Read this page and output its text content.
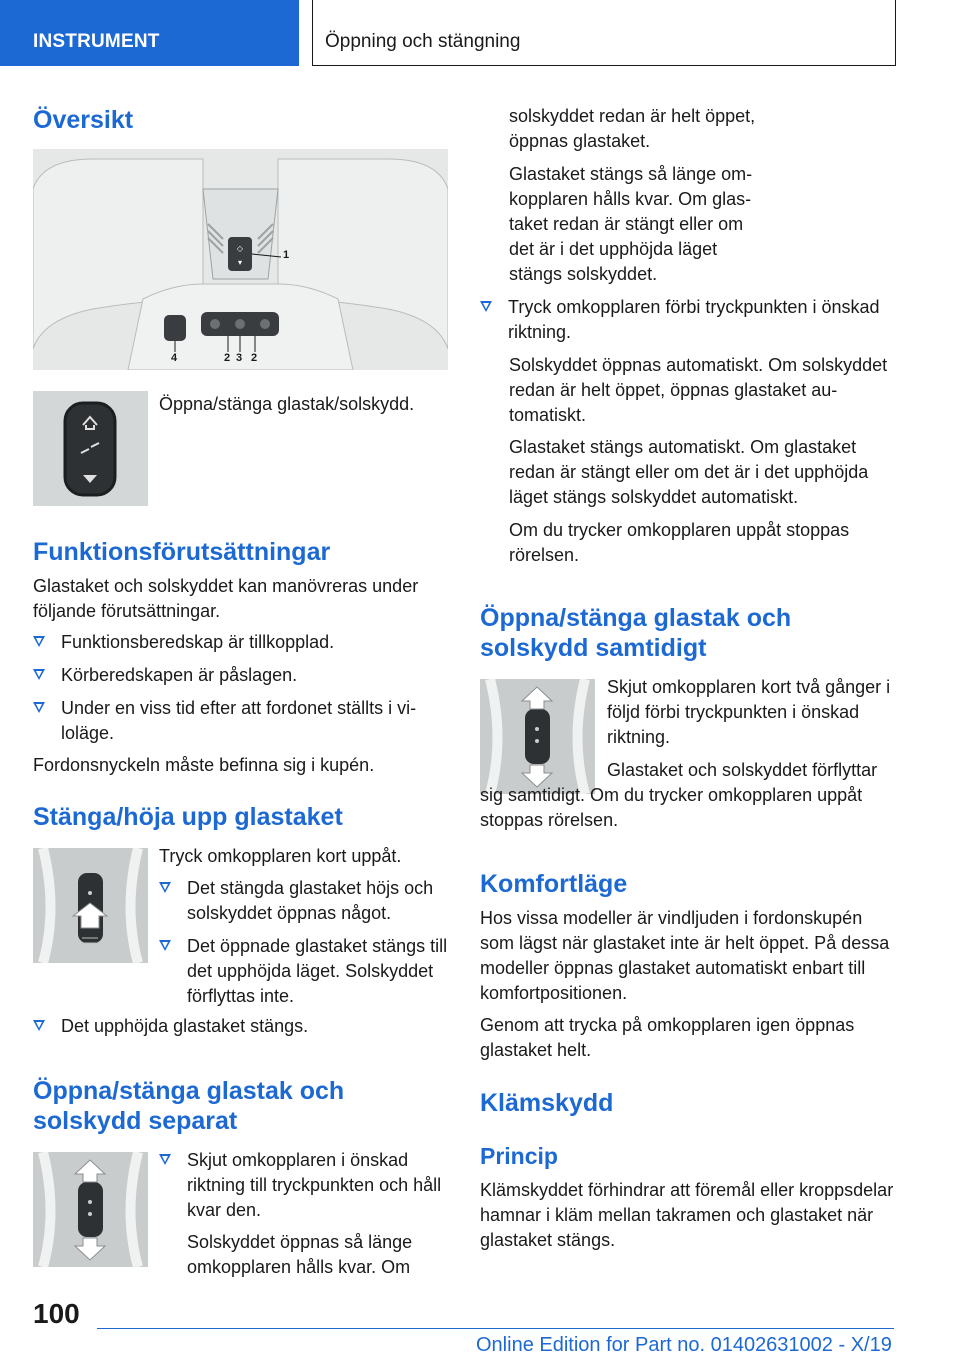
INSTRUMENT	Öppning och stängning
Översikt
◇
▾
1
2 3 2
4

Öppna/stänga glastak/solskydd.

Funktionsförutsättningar

Glastaket och solskyddet kan manövreras under följande förutsättningar.

Funktionsberedskap är tillkopplad.
Körberedskapen är påslagen.
Under en viss tid efter att fordonet ställts i viloläge.

Fordonsnyckeln måste befinna sig i kupén.

Stänga/höja upp glastaket

Tryck omkopplaren kort uppåt.

Det stängda glastaket höjs och solskyddet öppnas något.
Det öppnade glastaket stängs till det upphöjda läget. Solskyddet förflyttas inte.
Det upphöjda glastaket stängs.
Öppna/stänga glastak och
solskydd separat
Skjut omkopplaren i önskad riktning till tryckpunkten och håll kvar den.

Solskyddet öppnas så länge omkopplaren hålls kvar. Om

solskyddet redan är helt öppet, öppnas glastaket.

Glastaket stängs så länge omkopplaren hålls kvar. Om glastaket redan är stängt eller om det är i det upphöjda läget stängs solskyddet.

Tryck omkopplaren förbi tryckpunkten i önskad riktning.

Solskyddet öppnas automatiskt. Om solskyddet redan är helt öppet, öppnas glastaket automatiskt.

Glastaket stängs automatiskt. Om glastaket redan är stängt eller om det är i det upphöjda läget stängs solskyddet automatiskt.

Om du trycker omkopplaren uppåt stoppas rörelsen.

Öppna/stänga glastak och
solskydd samtidigt

Skjut omkopplaren kort två gånger i följd förbi tryckpunkten i önskad riktning.

Glastaket och solskyddet förflyttar sig samtidigt. Om du trycker omkopplaren uppåt stoppas rörelsen.

Komfortläge

Hos vissa modeller är vindljuden i fordonskupén som lägst när glastaket inte är helt öppet. På dessa modeller öppnas glastaket automatiskt enbart till komfortpositionen.

Genom att trycka på omkopplaren igen öppnas glastaket helt.

Klämskydd
Princip

Klämskyddet förhindrar att föremål eller kroppsdelar hamnar i kläm mellan takramen och glastaket när glastaket stängs.

100
Online Edition for Part no. 01402631002 - X/19
